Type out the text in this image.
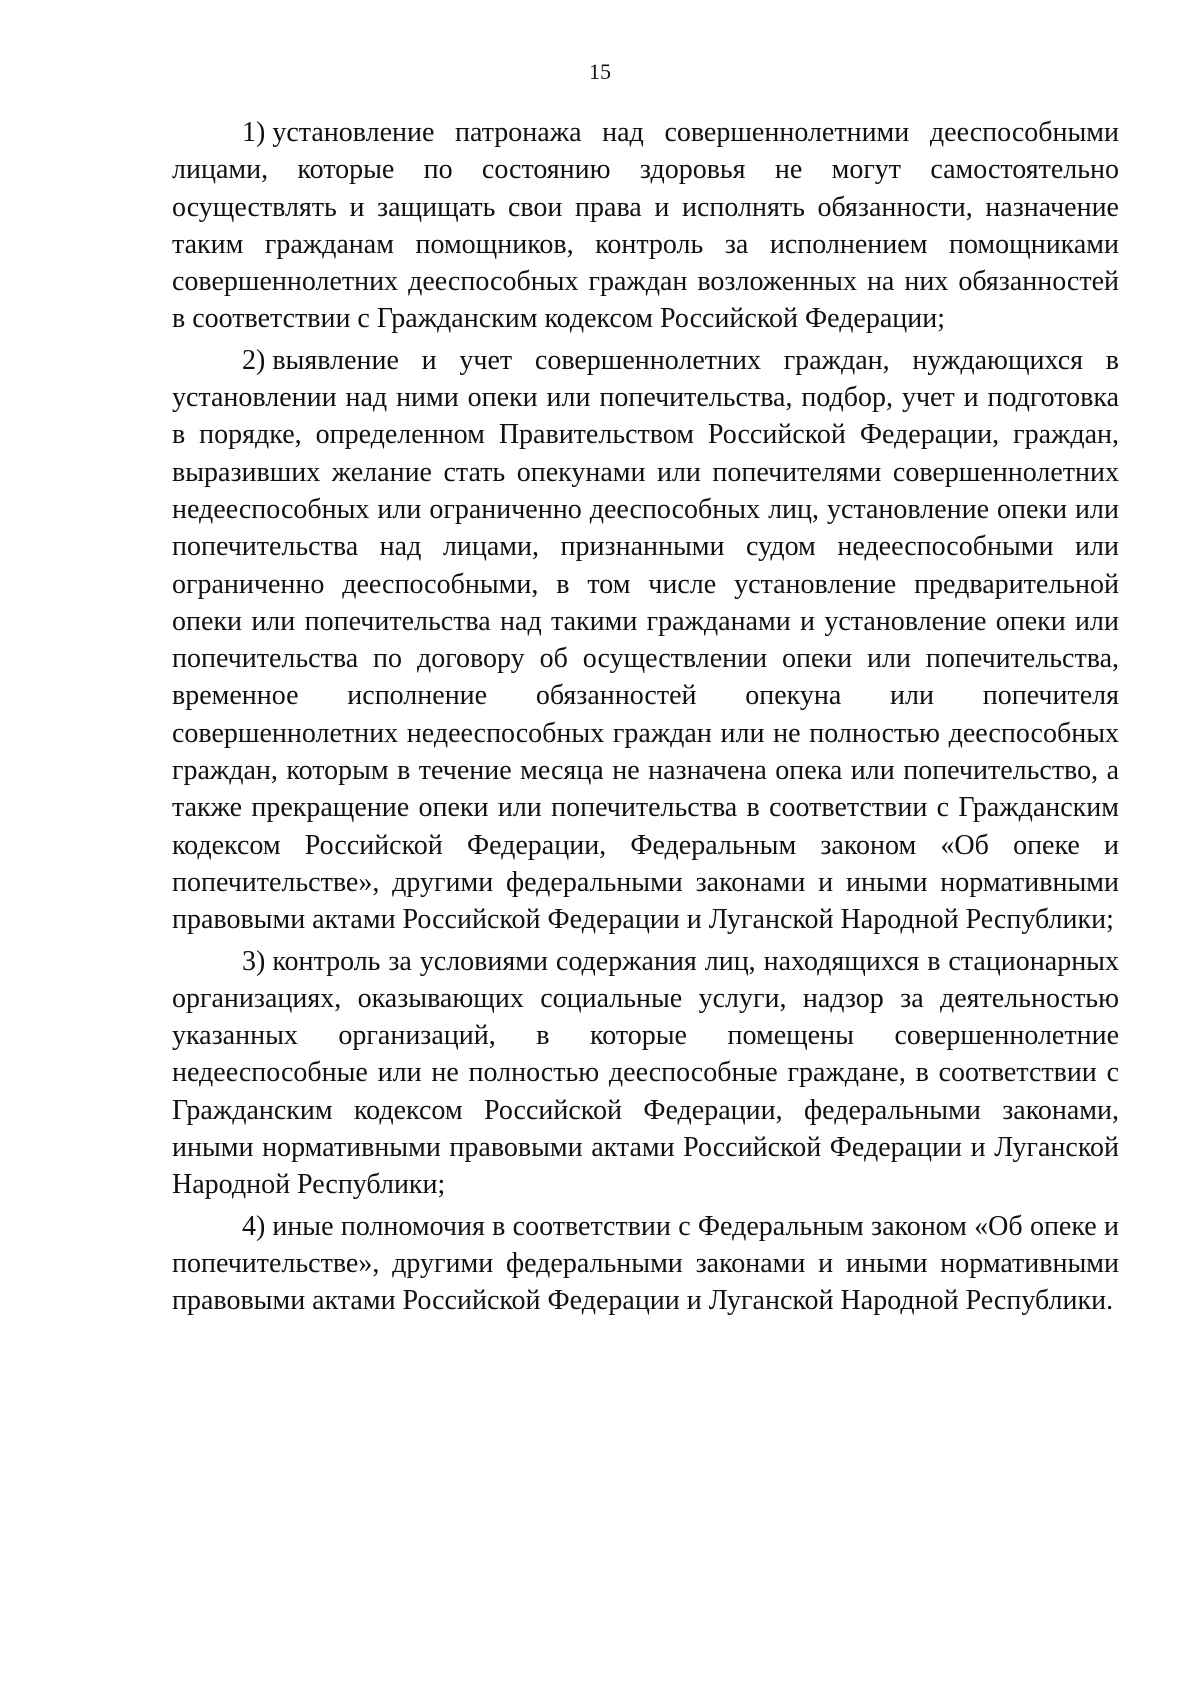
15

1) установление патронажа над совершеннолетними дееспособными лицами, которые по состоянию здоровья не могут самостоятельно осуществлять и защищать свои права и исполнять обязанности, назначение таким гражданам помощников, контроль за исполнением помощниками совершеннолетних дееспособных граждан возложенных на них обязанностей в соответствии с Гражданским кодексом Российской Федерации;

2) выявление и учет совершеннолетних граждан, нуждающихся в установлении над ними опеки или попечительства, подбор, учет и подготовка в порядке, определенном Правительством Российской Федерации, граждан, выразивших желание стать опекунами или попечителями совершеннолетних недееспособных или ограниченно дееспособных лиц, установление опеки или попечительства над лицами, признанными судом недееспособными или ограниченно дееспособными, в том числе установление предварительной опеки или попечительства над такими гражданами и установление опеки или попечительства по договору об осуществлении опеки или попечительства, временное исполнение обязанностей опекуна или попечителя совершеннолетних недееспособных граждан или не полностью дееспособных граждан, которым в течение месяца не назначена опека или попечительство, а также прекращение опеки или попечительства в соответствии с Гражданским кодексом Российской Федерации, Федеральным законом «Об опеке и попечительстве», другими федеральными законами и иными нормативными правовыми актами Российской Федерации и Луганской Народной Республики;

3) контроль за условиями содержания лиц, находящихся в стационарных организациях, оказывающих социальные услуги, надзор за деятельностью указанных организаций, в которые помещены совершеннолетние недееспособные или не полностью дееспособные граждане, в соответствии с Гражданским кодексом Российской Федерации, федеральными законами, иными нормативными правовыми актами Российской Федерации и Луганской Народной Республики;

4) иные полномочия в соответствии с Федеральным законом «Об опеке и попечительстве», другими федеральными законами и иными нормативными правовыми актами Российской Федерации и Луганской Народной Республики.
